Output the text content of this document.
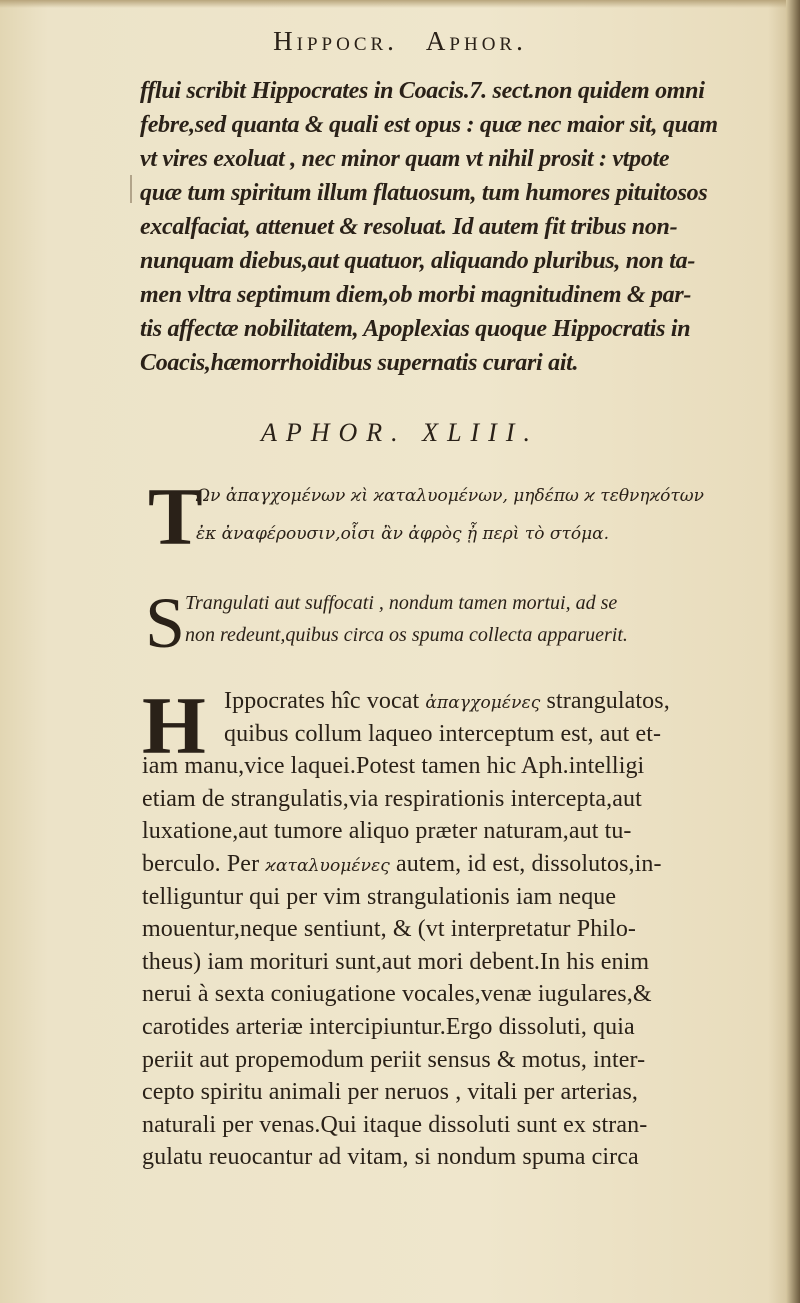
Hippocr. Aphor.
fflui scribit Hippocrates in Coacis.7. sect.non quidem omni
febre,sed quanta & quali est opus : quæ nec maior sit, quam
vt vires exoluat , nec minor quam vt nihil prosit : vtpote
quæ tum spiritum illum flatuosum, tum humores pituitosos
excalfaciat, attenuet & resoluat. Id autem fit tribus non-
nunquam diebus,aut quatuor, aliquando pluribus, non ta-
men vltra septimum diem,ob morbi magnitudinem & par-
tis affectæ nobilitatem, Apoplexias quoque Hippocratis in
Coacis,hæmorrhoidibus supernatis curari ait.
APHOR. XLIII.
T
Ων ἀπαγχομένων ϰὶ ϰαταλυομένων, μηδέπω ϰ τεθνηϰότων
ἐκ ἀναφέρουσιν,οἷσι ἂν ἀφρὸς ᾖ περὶ τὸ στόμα.
S Trangulati aut suffocati , nondum tamen mortui, ad se
non redeunt,quibus circa os spuma collecta apparuerit.
H Ippocrates hîc vocat ἀπαγχομένες strangulatos,
quibus collum laqueo interceptum est, aut et-
iam manu,vice laquei.Potest tamen hic Aph.intelligi
etiam de strangulatis,via respirationis intercepta,aut
luxatione,aut tumore aliquo præter naturam,aut tu-
berculo. Per ϰαταλυομένες autem, id est, dissolutos,in-
telliguntur qui per vim strangulationis iam neque
mouentur,neque sentiunt, & (vt interpretatur Philo-
theus) iam morituri sunt,aut mori debent.In his enim
nerui à sexta coniugatione vocales,venæ iugulares,&
carotides arteriæ intercipiuntur.Ergo dissoluti, quia
periit aut propemodum periit sensus & motus, inter-
cepto spiritu animali per neruos , vitali per arterias,
naturali per venas.Qui itaque dissoluti sunt ex stran-
gulatu reuocantur ad vitam, si nondum spuma circa
